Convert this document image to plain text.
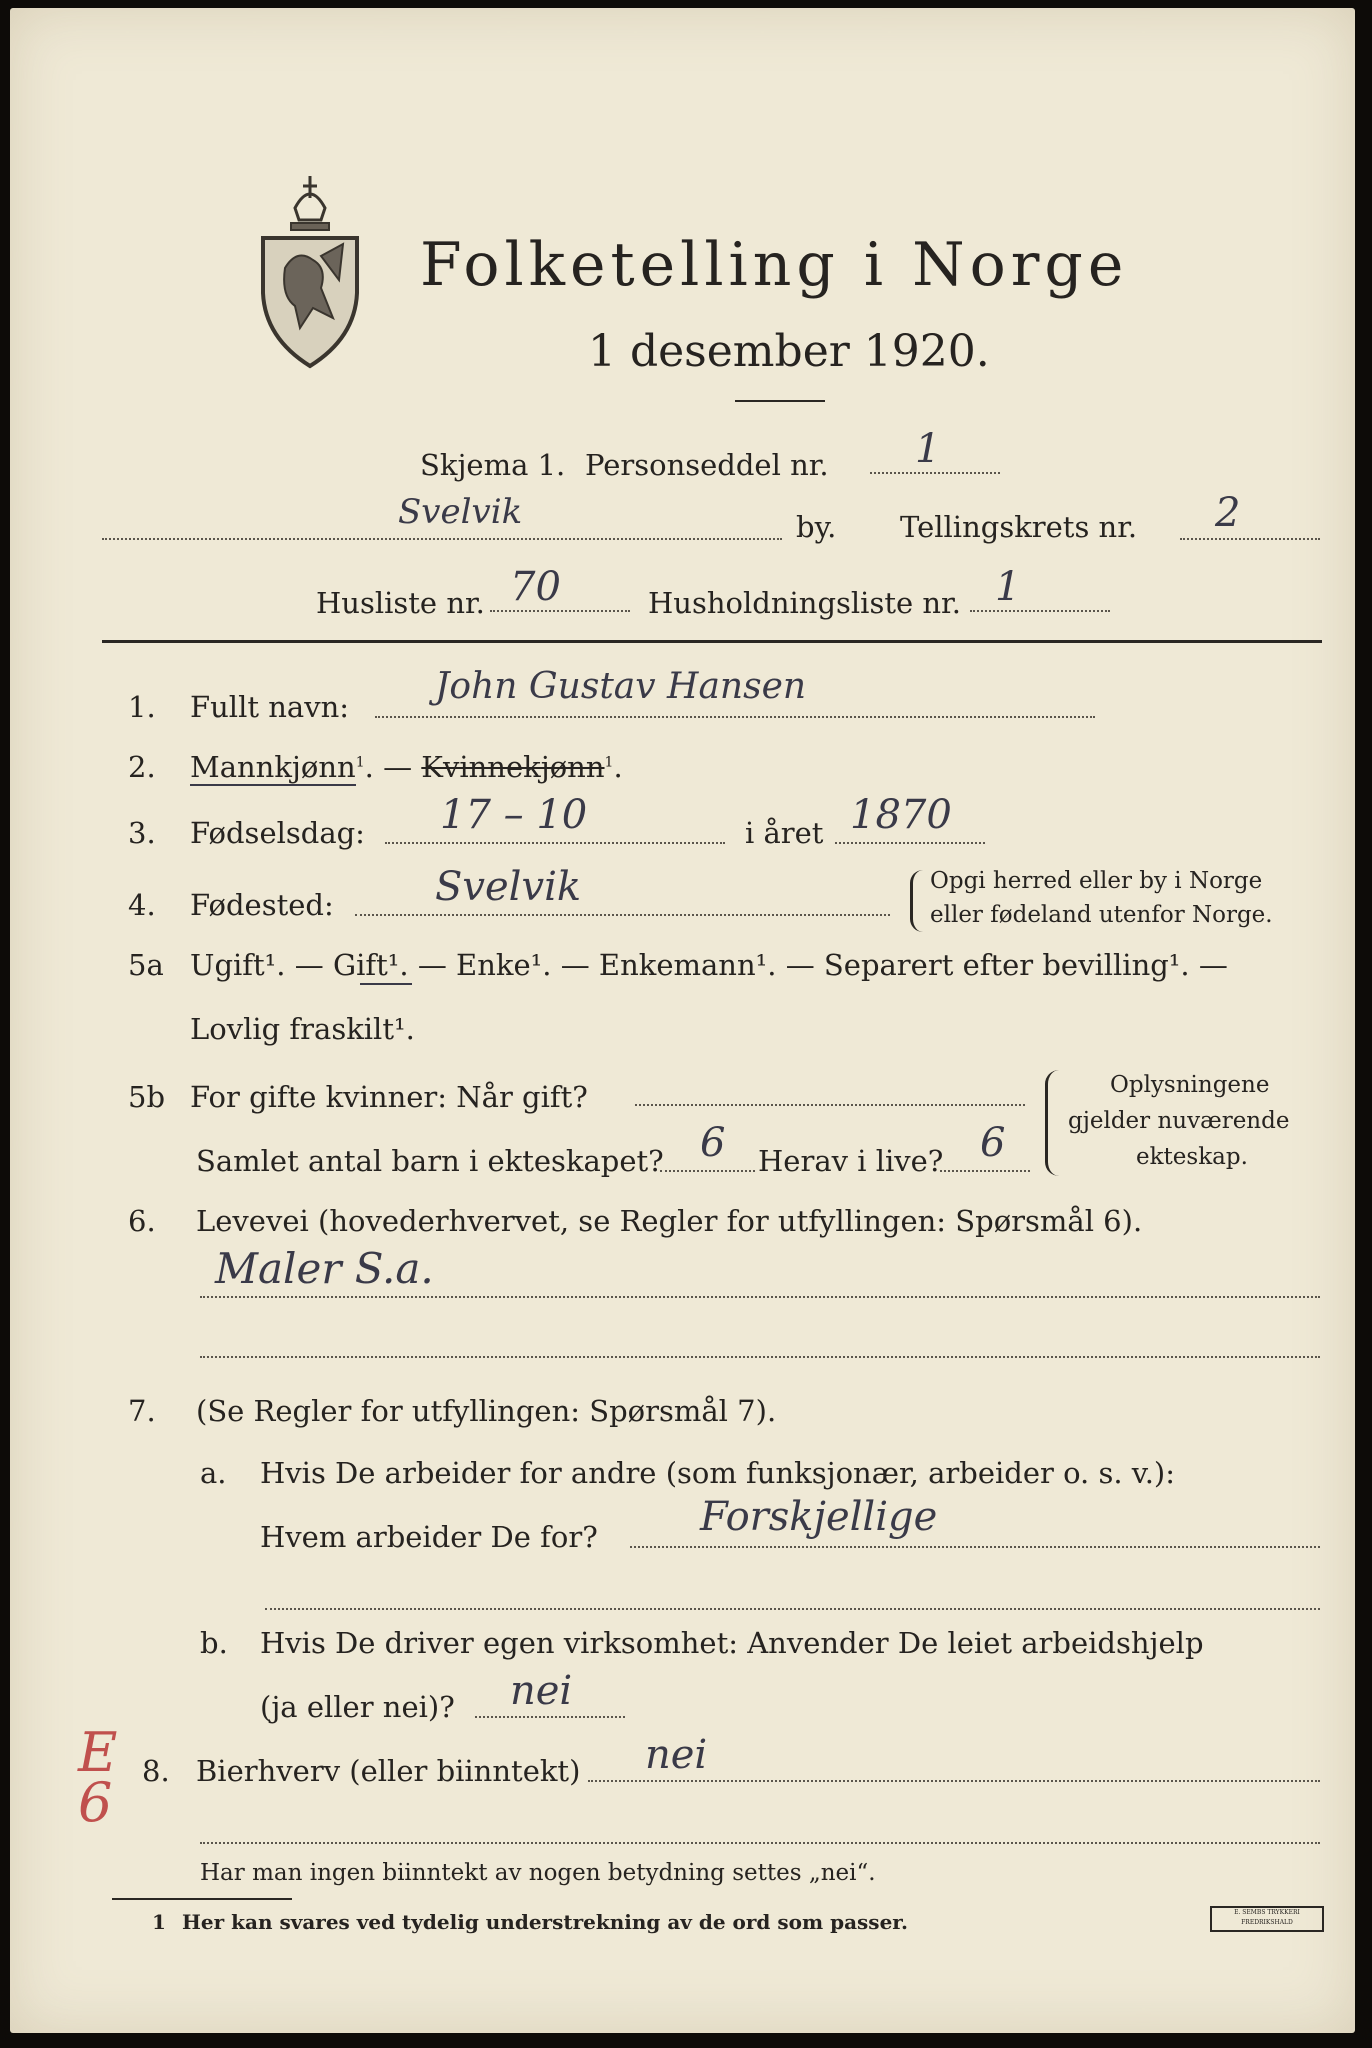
Folketelling i Norge
1 desember 1920.
Skjema 1. Personseddel nr. 1
Svelvik	by. Tellingskrets nr. 2
Husliste nr. 70	Husholdningsliste nr. 1
1. Fullt navn: John Gustav Hansen
2. Mannkjønn$^1$. — Kvinnekjønn$^1$.
3. Fødselsdag: 17 – 10	i året 1870
4. Fødested:	Svelvik	Opgi herred eller by i Norge
eller fødeland utenfor Norge.
5a Ugift¹. — Gift¹. — Enke¹. — Enkemann¹. — Separert efter bevilling¹. —
Lovlig fraskilt¹.
5b For gifte kvinner: Når gift?
Samlet antal barn i ekteskapet? 6 Herav i live? 6
Oplysningene
gjelder nuværende
ekteskap.
6. Levevei (hovederhvervet, se Regler for utfyllingen: Spørsmål 6).
Maler S.a.
7. (Se Regler for utfyllingen: Spørsmål 7).
a. Hvis De arbeider for andre (som funksjonær, arbeider o. s. v.):
Hvem arbeider De for?	Forskjellige
b. Hvis De driver egen virksomhet: Anvender De leiet arbeidshjelp
(ja eller nei)? nei
E 6	8. Bierhverv (eller biinntekt) nei
Har man ingen biinntekt av nogen betydning settes „nei“.
1 Her kan svares ved tydelig understrekning av de ord som passer.	E. SEMBS TRYKKERI FREDRIKSHALD
